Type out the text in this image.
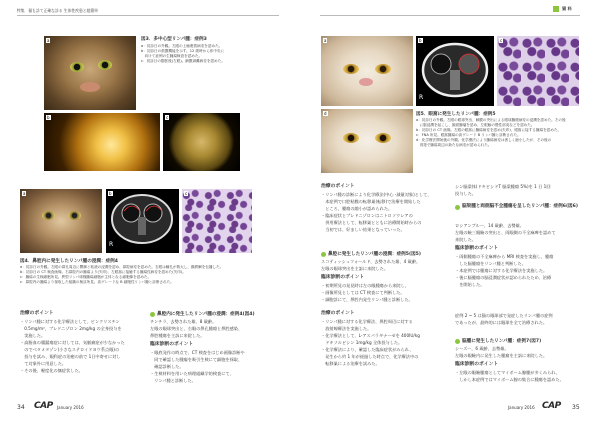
特集　猫も診て正確な診る 生体性疾患と超簡単	猫 科
a	図3．多中心型リンパ腫：症例3
a：初診日の外観。左眼の上瞼癒着病変を認めた。
b：初診日の鼓膜機能を示す。12 歳時から体中央に
　向けて症例の生腫瘍検査を認めた。
c：初診日の膨胀後(左眼)。網膜剥離病変を認めた。
b	c
a	b
R
c
図4．鼻腔内に発生したリンパ腫の浸潤：症例4
a：初診日の外観。左眼の鼻孔周辺に鬱潮と粘液の浸潤を認め、鼻腔病変を認めた。右眼は瞳孔が散大し、鍋貫爾を伝播した。
b：初診日の CT 検査画像。右鼻腔内の腫瘍より(矢印)、左眼窩に接触する腫瘍性病変を認めた(矢印)。
c：腫瘍の生検細胞所見。異型リンパ球様腫瘍細胞が主体となる細胞像を認めた。
c：鼻腔内の腫瘍より採取した組織の検診所見。高グレードな B 細胞性リンパ腫と診断された。
治療のポイント
・リンパ腫に対する化学療法として、ビンクリスチン
　0.5mg/m²、プレドニゾロン 2mg/kg の全身投与を
　実施した。
・高脂血の腸漏瘍症に対しては、気脈痛症が少なかった
　のでベタメタゾン(小さなステロイドヨウ系点眼)の
　投与を試み、眼科症の治癒の前で 1日中寄せに対し
　て対象外に用意した。
・その後、軽度化の無症状した。
鼻腔内に発生したリンパ腫の浸潤：症例4(図4)
チンチラ、去勢された雄、8 歳齢。
左眼の眼球突出と、右眼の鼻孔腫瘍と鼻腔感染、
鼻腔種瘍を主訴に来院した。
臨床診断のポイント
・眼底発作の時点で、CT 検査をはじめ画像診断や
　同で確認した腫瘤を吸引生検にて細胞を採取、
　確認診断した。
・生検材料を用いた病理組織学的検査にて、
　リンパ腫と診断した。
a	b
R
c
d	図5．眼窩に発生したリンパ腫：症例5
a：初診日の外観。左眼の眼球突出、瞬膜の突出による眼球腫脹病変の浸潤を認めた。その後
　に脳浸潤を起こし、顔面腫瘤を認め、左眼瞼の慢性部炎などを認めた。
b：初診日の CT 画像。左眼の眼窩に腫瘍病変を認め(矢印)、眼窩に接する腫瘍を認めた。
c：FNA 所見。眼窩腫瘍の高グレード B リンパ腫と診断された。
d：化学療法開始後の外観。化学療法により腫瘍病変は著しく縮小したが、その後の
　再発で腫瘍周辺の新たな病変が認められた。
治療のポイント
・リンパ腫の診断により化学療法(中心 -減量対象)として、
　本症例で口腔粘膜の転移巣(転移)で治療を開始した
　ところ、腫瘍の縮小が認められた。
・臨床症状とプレドニゾロンはニトロソウレアの
　併用療法として、転移巣とともに治療開始時からの
　当初では、好ましい結果となっていった。
鼻腔に発生したリンパ腫の浸潤：症例5(図5)
スコティッシュフォールド、去勢された雄、4 歳齢。
左眼の眼球突出を主訴に来院した。
臨床診断のポイント
・初期所見の発見時は左の眼腫瘍から来院し、
・画像所見としては CT 検査にて判断した。
・細胞診にて、鼻腔内発生リンパ腫と診断した。
治療のポイント
・リンパ腫に対する化学療法、鼻腔周辺に対する
　放射線療法を実施した。
・化学療法として、L-アスパラギナーゼを 400IU/kg
　ドキソルビシン 1mg/kg 全体投与した。
・化学療法により、確認した臨床症状がみられ、
　発生から約 1 年が経過した時点で、化学療法中の
　転移巣による治療を試みた。
シン脳梁体(ドキビシドT 脳梁腫瘍 5%)を 1 日 1回
投与した。
脳梁腫と両側脳不全腫瘍を呈したリンパ腫：症例6(図6)
ロシアンブルー、14 歳齢、去勢雄。
左眼の瞼三眼瞼の突出と、両眼側の不全麻痺を認めて
来院した。
臨床診断のポイント
・両側腫瘍の不全麻痺から MRI 検査を実施し、腫瘍
　した脳腫瘍をリンパ腫と判断した。
・本症例では腫瘍に対する化学療法を実施した。
・後に脳腫瘍の脳浸潤症状が認められたため、治療
　を開始した。
症例 2 ~ 5 は猫の眼球部で発症したリンパ腫の症例
であったが、最終的には眼球を全て治療された。
脳腫に発生したリンパ腫：症例7(図7)
シーズー、6 歳齢、去勢雄。
左眼の眼瞼内に発生した腫瘤を主訴に来院した。
臨床診断のポイント
・左眼の眼瞼腫瘍としてマイボーム腺腫が多くみられ、
　しかし本症例ではマイボーム腺の集合に腫瘍を認めた。
34 CAP January 2016	January 2016 CAP 35
